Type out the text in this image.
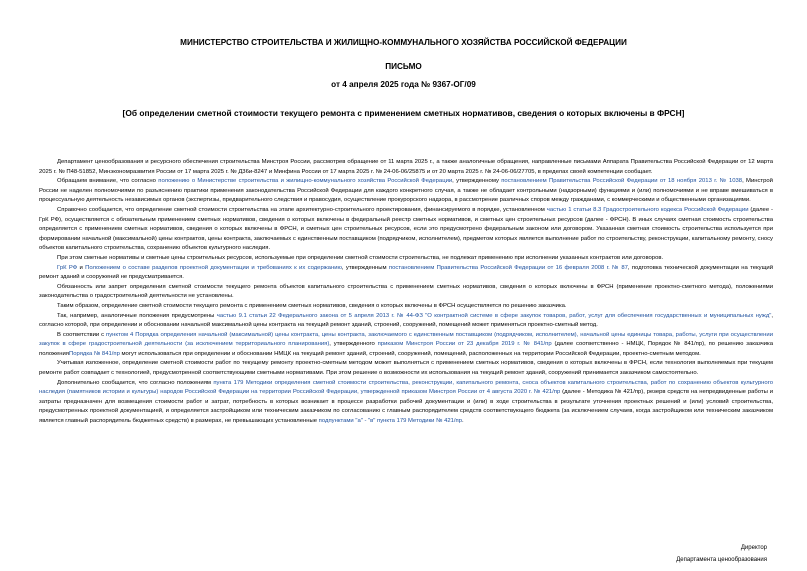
МИНИСТЕРСТВО СТРОИТЕЛЬСТВА И ЖИЛИЩНО-КОММУНАЛЬНОГО ХОЗЯЙСТВА РОССИЙСКОЙ ФЕДЕРАЦИИ
ПИСЬМО
от 4 апреля 2025 года № 9367-ОГ/09
[Об определении сметной стоимости текущего ремонта с применением сметных нормативов, сведения о которых включены в ФРСН]

Департамент ценообразования и ресурсного обеспечения строительства Минстроя России, рассмотрев обращение от 11 марта 2025 г., а также аналогичные обращения, направленные письмами Аппарата Правительства Российской Федерации от 12 марта 2025 г. № П48-51852, Минэкономразвития России от 17 марта 2025 г. № Д36и-8247 и Минфина России от 17 марта 2025 г. № 24-06-06/25875 и от 20 марта 2025 г. № 24-06-06/27705, в пределах своей компетенции сообщает.

Обращаем внимание, что согласно положению о Министерстве строительства и жилищно-коммунального хозяйства Российской Федерации, утвержденному постановлением Правительства Российской Федерации от 18 ноября 2013 г. № 1038, Минстрой России не наделен полномочиями по разъяснению практики применения законодательства Российской Федерации для каждого конкретного случая, а также не обладает контрольными (надзорными) функциями и (или) полномочиями и не вправе вмешиваться в процессуальную деятельность независимых органов (экспертизы, предварительного следствия и правосудия, осуществление прокурорского надзора, в рассмотрение различных споров между гражданами, с коммерческими и общественными организациями.

Справочно сообщается, что определение сметной стоимости строительства на этапе архитектурно-строительного проектирования, финансируемого в порядке, установленном частью 1 статьи 8.3 Градостроительного кодекса Российской Федерации (далее - ГрК РФ), осуществляется с обязательным применением сметных нормативов, сведения о которых включены в федеральный реестр сметных нормативов, и сметных цен строительных ресурсов (далее - ФРСН). В иных случаях сметная стоимость строительства определяется с применением сметных нормативов, сведения о которых включены в ФРСН, и сметных цен строительных ресурсов, если это предусмотрено федеральным законом или договором. Указанная сметная стоимость строительства используется при формировании начальной (максимальной) цены контрактов, цены контракта, заключаемых с единственным поставщиком (подрядчиком, исполнителем), предметом которых является выполнение работ по строительству, реконструкции, капитальному ремонту, сносу объектов капитального строительства, сохранению объектов культурного наследия.

При этом сметные нормативы и сметные цены строительных ресурсов, используемые при определении сметной стоимости строительства, не подлежат применению при исполнении указанных контрактов или договоров.

ГрК РФ и Положением о составе разделов проектной документации и требованиях к их содержанию, утвержденным постановлением Правительства Российской Федерации от 16 февраля 2008 г. № 87, подготовка технической документации на текущий ремонт зданий и сооружений не предусматривается.

Обязанность или запрет определения сметной стоимости текущего ремонта объектов капитального строительства с применением сметных нормативов, сведения о которых включены в ФРСН (применение проектно-сметного метода), положениями законодательства о градостроительной деятельности не установлены.

Таким образом, определение сметной стоимости текущего ремонта с применением сметных нормативов, сведения о которых включены в ФРСН осуществляется по решению заказчика.

Так, например, аналогичные положения предусмотрены частью 9.1 статьи 22 Федерального закона от 5 апреля 2013 г. № 44-ФЗ "О контрактной системе в сфере закупок товаров, работ, услуг для обеспечения государственных и муниципальных нужд", согласно которой, при определении и обосновании начальной максимальной цены контракта на текущий ремонт зданий, строений, сооружений, помещений может применяться проектно-сметный метод.

В соответствии с пунктом 4 Порядка определения начальной (максимальной) цены контракта, цены контракта, заключаемого с единственным поставщиком (подрядчиком, исполнителем), начальной цены единицы товара, работы, услуги при осуществлении закупок в сфере градостроительной деятельности (за исключением территориального планирования), утвержденного приказом Минстроя России от 23 декабря 2019 г. № 841/пр (далее соответственно - НМЦК, Порядок № 841/пр), по решению заказчика положенияПорядка № 841/пр могут использоваться при определении и обосновании НМЦК на текущий ремонт зданий, строений, сооружений, помещений, расположенных на территории Российской Федерации, проектно-сметным методом.

Учитывая изложенное, определение сметной стоимости работ по текущему ремонту проектно-сметным методом может выполняться с применением сметных нормативов, сведения о которых включены в ФРСН, если технология выполняемых при текущем ремонте работ совпадает с технологией, предусмотренной соответствующими сметными нормативами. При этом решение о возможности их использования на текущий ремонт зданий, сооружений принимается заказчиком самостоятельно.

Дополнительно сообщается, что согласно положениям пункта 179 Методики определения сметной стоимости строительства, реконструкции, капитального ремонта, сноса объектов капитального строительства, работ по сохранению объектов культурного наследия (памятников истории и культуры) народов Российской Федерации на территории Российской Федерации, утвержденной приказом Минстроя России от 4 августа 2020 г. № 421/пр (далее - Методика № 421/пр), резерв средств на непредвиденные работы и затраты предназначен для возмещения стоимости работ и затрат, потребность в которых возникает в процессе разработки рабочей документации и (или) в ходе строительства в результате уточнения проектных решений и (или) условий строительства, предусмотренных проектной документацией, и определяется застройщиком или техническим заказчиком по согласованию с главным распорядителем средств соответствующего бюджета (за исключением случаев, когда застройщиком или техническим заказчиком является главный распорядитель бюджетных средств) в размерах, не превышающих установленные подпунктами "а" - "в" пункта 179 Методики № 421/пр.

Директор
Департамента ценообразования
